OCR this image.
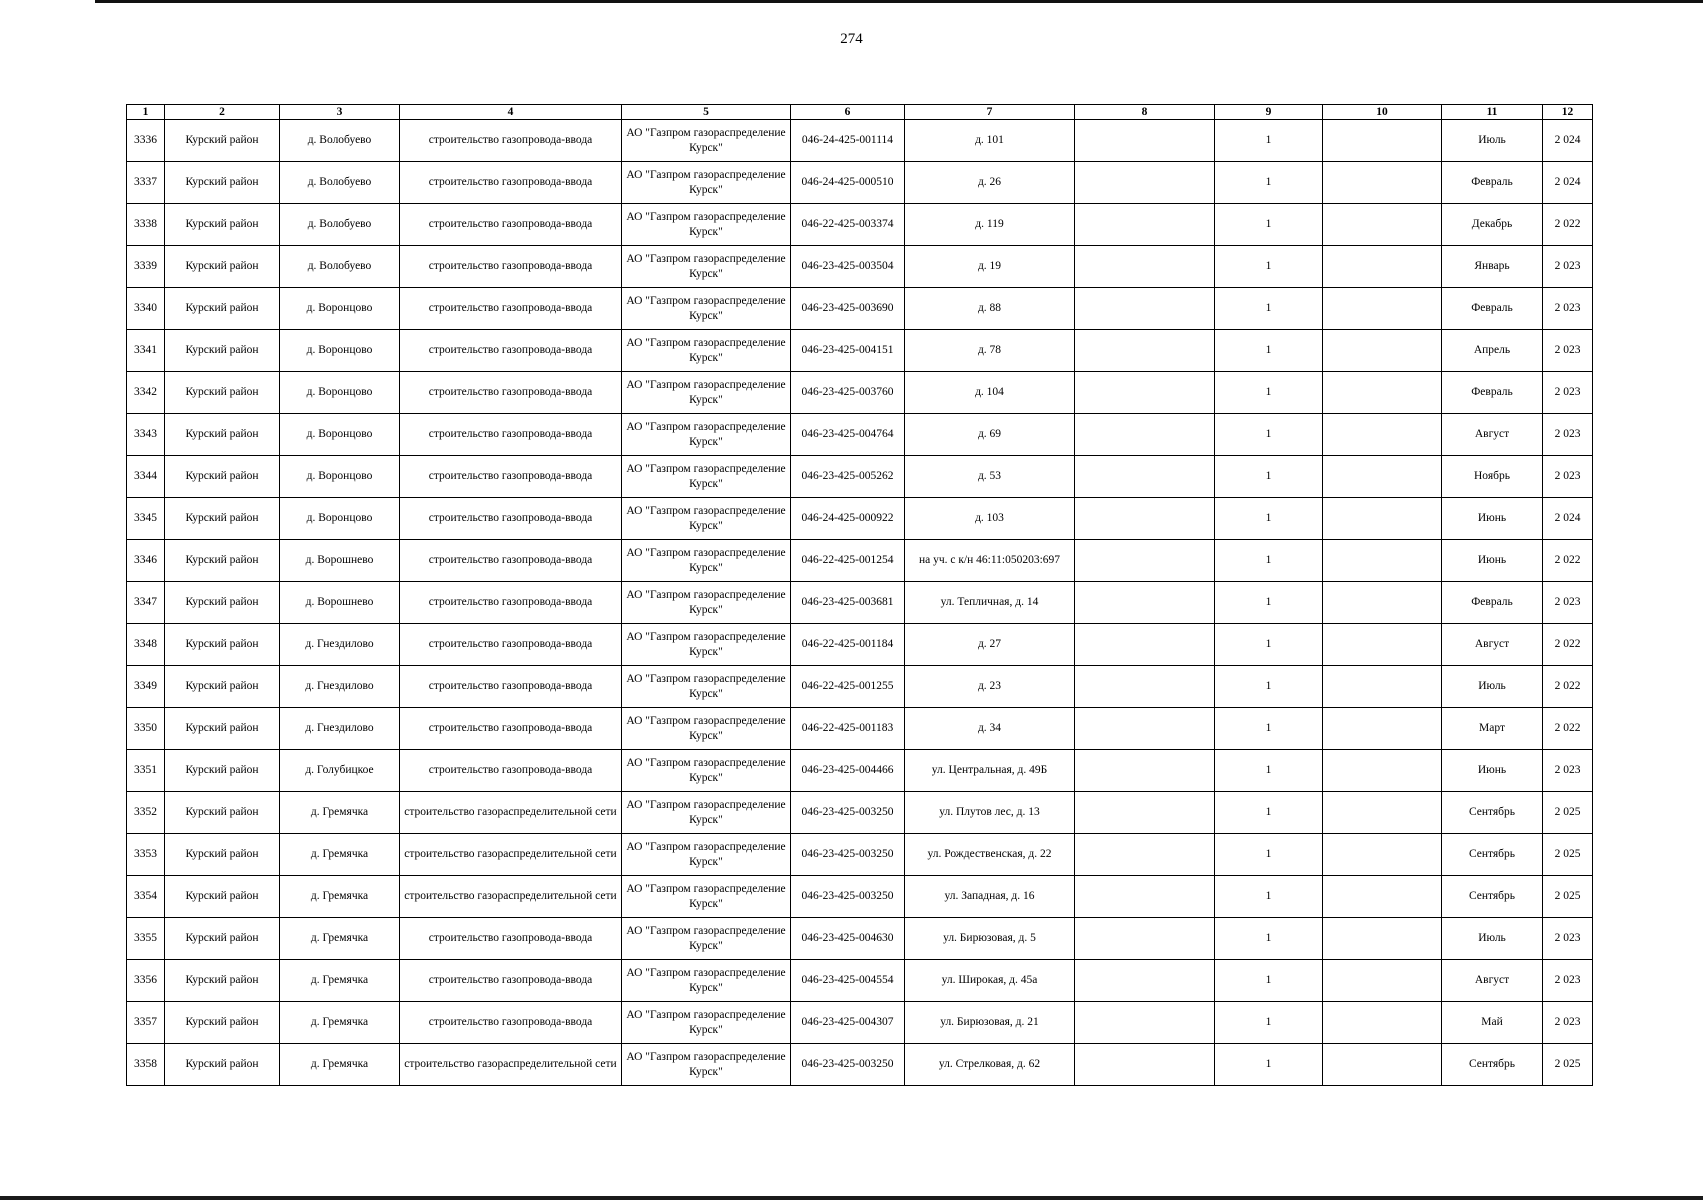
274
1	2	3	4	5	6	7	8	9	10	11	12
3336	Курский район	д. Волобуево	строительство газопровода-ввода	АО "Газпром газораспределение Курск"	046-24-425-001114	д. 101		1		Июль	2 024
3337	Курский район	д. Волобуево	строительство газопровода-ввода	АО "Газпром газораспределение Курск"	046-24-425-000510	д. 26		1		Февраль	2 024
3338	Курский район	д. Волобуево	строительство газопровода-ввода	АО "Газпром газораспределение Курск"	046-22-425-003374	д. 119		1		Декабрь	2 022
3339	Курский район	д. Волобуево	строительство газопровода-ввода	АО "Газпром газораспределение Курск"	046-23-425-003504	д. 19		1		Январь	2 023
3340	Курский район	д. Воронцово	строительство газопровода-ввода	АО "Газпром газораспределение Курск"	046-23-425-003690	д. 88		1		Февраль	2 023
3341	Курский район	д. Воронцово	строительство газопровода-ввода	АО "Газпром газораспределение Курск"	046-23-425-004151	д. 78		1		Апрель	2 023
3342	Курский район	д. Воронцово	строительство газопровода-ввода	АО "Газпром газораспределение Курск"	046-23-425-003760	д. 104		1		Февраль	2 023
3343	Курский район	д. Воронцово	строительство газопровода-ввода	АО "Газпром газораспределение Курск"	046-23-425-004764	д. 69		1		Август	2 023
3344	Курский район	д. Воронцово	строительство газопровода-ввода	АО "Газпром газораспределение Курск"	046-23-425-005262	д. 53		1		Ноябрь	2 023
3345	Курский район	д. Воронцово	строительство газопровода-ввода	АО "Газпром газораспределение Курск"	046-24-425-000922	д. 103		1		Июнь	2 024
3346	Курский район	д. Ворошнево	строительство газопровода-ввода	АО "Газпром газораспределение Курск"	046-22-425-001254	на уч. с к/н 46:11:050203:697		1		Июнь	2 022
3347	Курский район	д. Ворошнево	строительство газопровода-ввода	АО "Газпром газораспределение Курск"	046-23-425-003681	ул. Тепличная, д. 14		1		Февраль	2 023
3348	Курский район	д. Гнездилово	строительство газопровода-ввода	АО "Газпром газораспределение Курск"	046-22-425-001184	д. 27		1		Август	2 022
3349	Курский район	д. Гнездилово	строительство газопровода-ввода	АО "Газпром газораспределение Курск"	046-22-425-001255	д. 23		1		Июль	2 022
3350	Курский район	д. Гнездилово	строительство газопровода-ввода	АО "Газпром газораспределение Курск"	046-22-425-001183	д. 34		1		Март	2 022
3351	Курский район	д. Голубицкое	строительство газопровода-ввода	АО "Газпром газораспределение Курск"	046-23-425-004466	ул. Центральная, д. 49Б		1		Июнь	2 023
3352	Курский район	д. Гремячка	строительство газораспределительной сети	АО "Газпром газораспределение Курск"	046-23-425-003250	ул. Плутов лес, д. 13		1		Сентябрь	2 025
3353	Курский район	д. Гремячка	строительство газораспределительной сети	АО "Газпром газораспределение Курск"	046-23-425-003250	ул. Рождественская, д. 22		1		Сентябрь	2 025
3354	Курский район	д. Гремячка	строительство газораспределительной сети	АО "Газпром газораспределение Курск"	046-23-425-003250	ул. Западная, д. 16		1		Сентябрь	2 025
3355	Курский район	д. Гремячка	строительство газопровода-ввода	АО "Газпром газораспределение Курск"	046-23-425-004630	ул. Бирюзовая, д. 5		1		Июль	2 023
3356	Курский район	д. Гремячка	строительство газопровода-ввода	АО "Газпром газораспределение Курск"	046-23-425-004554	ул. Широкая, д. 45а		1		Август	2 023
3357	Курский район	д. Гремячка	строительство газопровода-ввода	АО "Газпром газораспределение Курск"	046-23-425-004307	ул. Бирюзовая, д. 21		1		Май	2 023
3358	Курский район	д. Гремячка	строительство газораспределительной сети	АО "Газпром газораспределение Курск"	046-23-425-003250	ул. Стрелковая, д. 62		1		Сентябрь	2 025
